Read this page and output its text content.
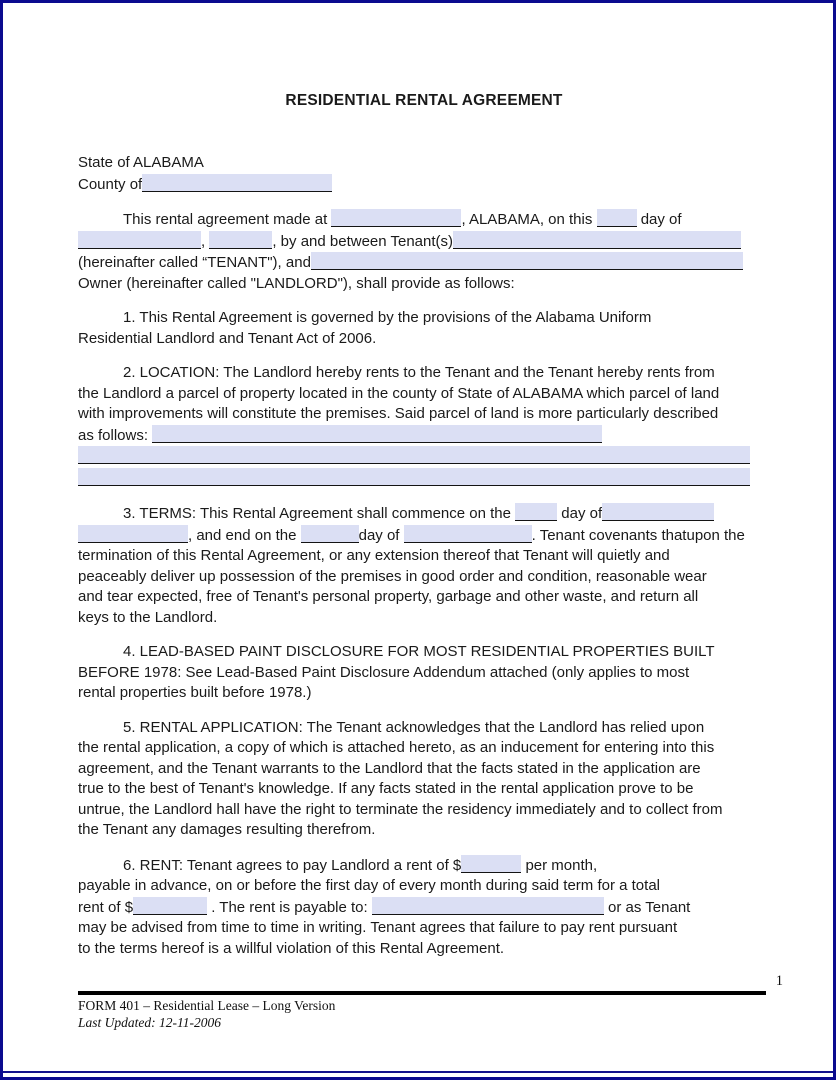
RESIDENTIAL RENTAL AGREEMENT
State of ALABAMA
County of
This rental agreement made at	, ALABAMA, on this	day of
,	, by and between Tenant(s)
(hereinafter called “TENANT"), and
Owner (hereinafter called "LANDLORD"), shall provide as follows:
1. This Rental Agreement is governed by the provisions of the Alabama Uniform
Residential Landlord and Tenant Act of 2006.
2. LOCATION: The Landlord hereby rents to the Tenant and the Tenant hereby rents from
the Landlord a parcel of property located in the county of State of ALABAMA which parcel of land
with improvements will constitute the premises. Said parcel of land is more particularly described
as follows:
3. TERMS: This Rental Agreement shall commence on the	day of
, and end on the	day of	. Tenant covenants thatupon the
termination of this Rental Agreement, or any extension thereof that Tenant will quietly and
peaceably deliver up possession of the premises in good order and condition, reasonable wear
and tear expected, free of Tenant's personal property, garbage and other waste, and return all
keys to the Landlord.
4. LEAD-BASED PAINT DISCLOSURE FOR MOST RESIDENTIAL PROPERTIES BUILT
BEFORE 1978: See Lead-Based Paint Disclosure Addendum attached (only applies to most
rental properties built before 1978.)
5. RENTAL APPLICATION: The Tenant acknowledges that the Landlord has relied upon
the rental application, a copy of which is attached hereto, as an inducement for entering into this
agreement, and the Tenant warrants to the Landlord that the facts stated in the application are
true to the best of Tenant's knowledge. If any facts stated in the rental application prove to be
untrue, the Landlord hall have the right to terminate the residency immediately and to collect from
the Tenant any damages resulting therefrom.
6. RENT: Tenant agrees to pay Landlord a rent of $	per month,
payable in advance, on or before the first day of every month during said term for a total
rent of $	. The rent is payable to:	or as Tenant
may be advised from time to time in writing. Tenant agrees that failure to pay rent pursuant
to the terms hereof is a willful violation of this Rental Agreement.
1
FORM 401 – Residential Lease – Long Version
Last Updated: 12-11-2006
